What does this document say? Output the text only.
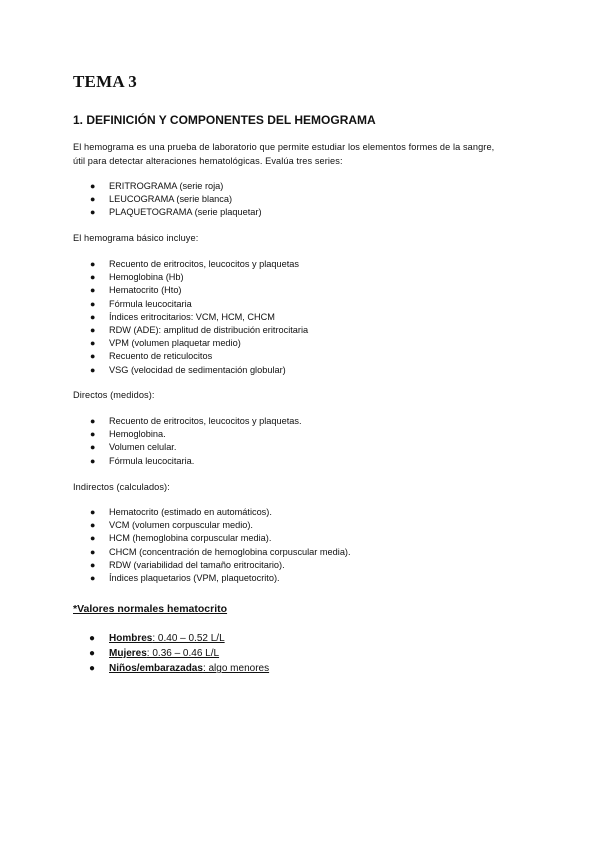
TEMA 3
1. DEFINICIÓN Y COMPONENTES DEL HEMOGRAMA

El hemograma es una prueba de laboratorio que permite estudiar los elementos formes de la sangre,
útil para detectar alteraciones hematológicas. Evalúa tres series:

● ERITROGRAMA (serie roja)
● LEUCOGRAMA (serie blanca)
● PLAQUETOGRAMA (serie plaquetar)

El hemograma básico incluye:

● Recuento de eritrocitos, leucocitos y plaquetas
● Hemoglobina (Hb)
● Hematocrito (Hto)
● Fórmula leucocitaria
● Índices eritrocitarios: VCM, HCM, CHCM
● RDW (ADE): amplitud de distribución eritrocitaria
● VPM (volumen plaquetar medio)
● Recuento de reticulocitos
● VSG (velocidad de sedimentación globular)

Directos (medidos):

● Recuento de eritrocitos, leucocitos y plaquetas.
● Hemoglobina.
● Volumen celular.
● Fórmula leucocitaria.

Indirectos (calculados):

● Hematocrito (estimado en automáticos).
● VCM (volumen corpuscular medio).
● HCM (hemoglobina corpuscular media).
● CHCM (concentración de hemoglobina corpuscular media).
● RDW (variabilidad del tamaño eritrocitario).
● Índices plaquetarios (VPM, plaquetocrito).
*Valores normales hematocrito
● Hombres: 0.40 – 0.52 L/L
● Mujeres: 0.36 – 0.46 L/L
● Niños/embarazadas: algo menores
